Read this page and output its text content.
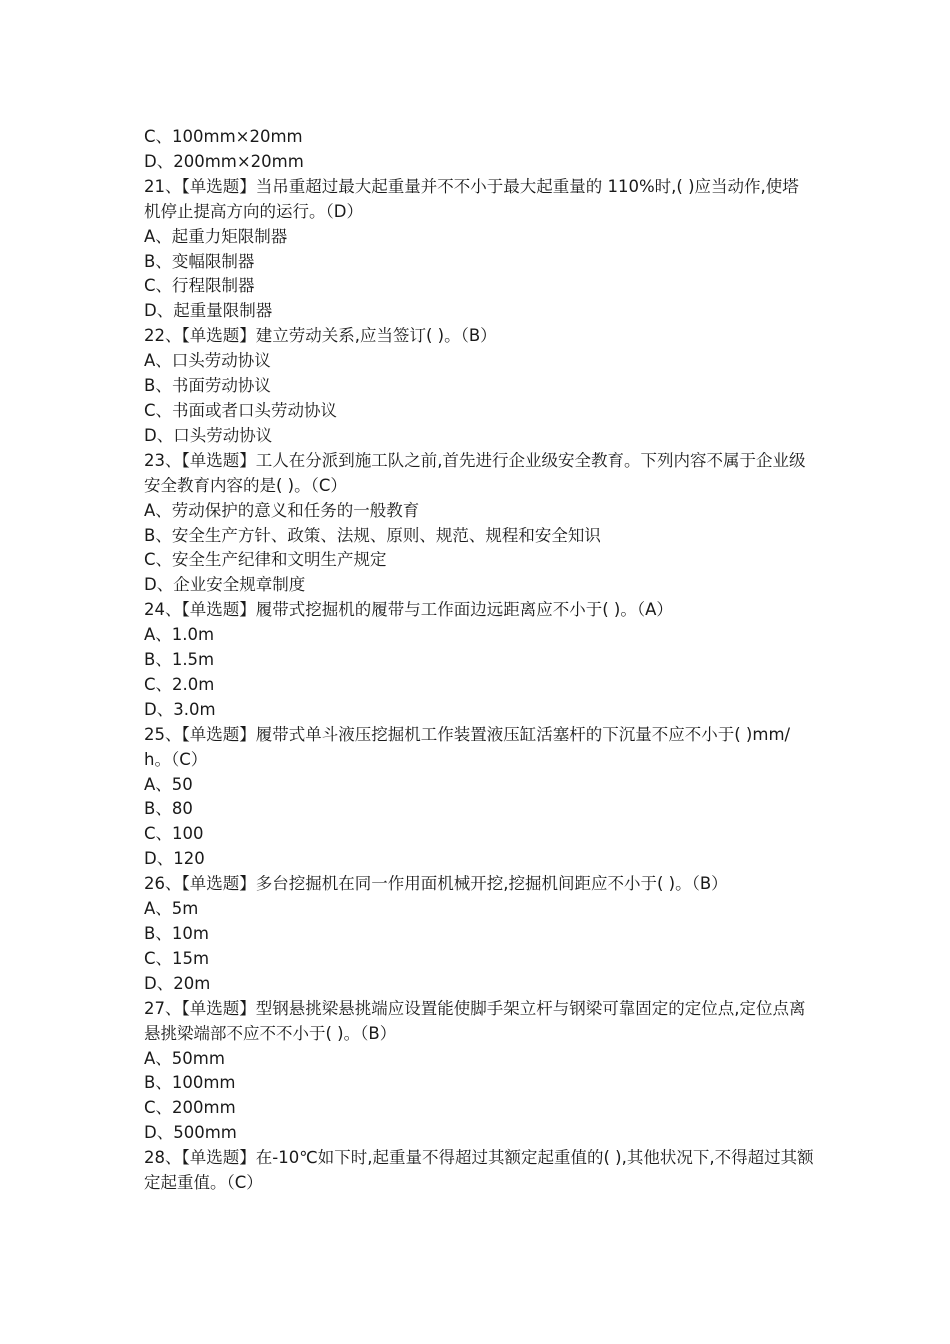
C、100mm×20mm
D、200mm×20mm
21、【单选题】当吊重超过最大起重量并不不小于最大起重量的 110%时,( )应当动作,使塔机停止提高方向的运行。（D）
A、起重力矩限制器
B、变幅限制器
C、行程限制器
D、起重量限制器
22、【单选题】建立劳动关系,应当签订( )。（B）
A、口头劳动协议
B、书面劳动协议
C、书面或者口头劳动协议
D、口头劳动协议
23、【单选题】工人在分派到施工队之前,首先进行企业级安全教育。下列内容不属于企业级安全教育内容的是( )。（C）
A、劳动保护的意义和任务的一般教育
B、安全生产方针、政策、法规、原则、规范、规程和安全知识
C、安全生产纪律和文明生产规定
D、企业安全规章制度
24、【单选题】履带式挖掘机的履带与工作面边远距离应不小于( )。（A）
A、1.0m
B、1.5m
C、2.0m
D、3.0m
25、【单选题】履带式单斗液压挖掘机工作装置液压缸活塞杆的下沉量不应不小于( )mm/h。（C）
A、50
B、80
C、100
D、120
26、【单选题】多台挖掘机在同一作用面机械开挖,挖掘机间距应不小于( )。（B）
A、5m
B、10m
C、15m
D、20m
27、【单选题】型钢悬挑梁悬挑端应设置能使脚手架立杆与钢梁可靠固定的定位点,定位点离悬挑梁端部不应不不小于( )。（B）
A、50mm
B、100mm
C、200mm
D、500mm
28、【单选题】在-10℃如下时,起重量不得超过其额定起重值的( ),其他状况下,不得超过其额定起重值。（C）
